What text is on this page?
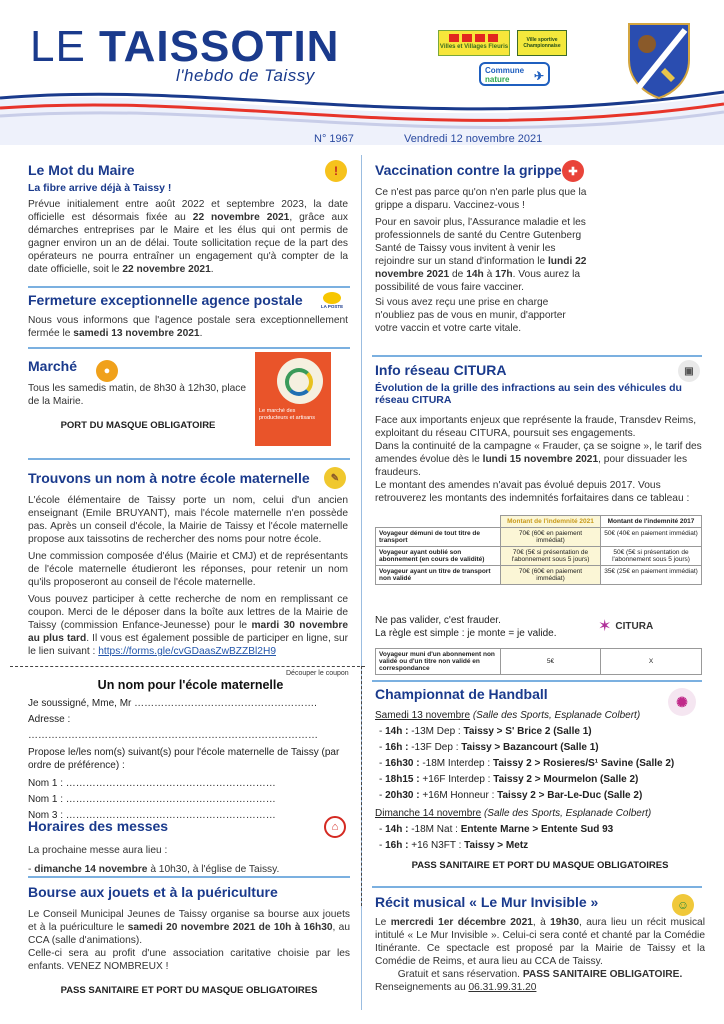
LE TAISSOTIN
l'hebdo de Taissy
Villes et Villages Fleuris
Ville sportive Championnaise
Commune
nature	✈
N° 1967	Vendredi 12 novembre 2021
Le Mot du Maire
La fibre arrive déjà à Taissy !

Prévue initialement entre août 2022 et septembre 2023, la date officielle est désormais fixée au 22 novembre 2021, grâce aux démarches entreprises par le Maire et les élus qui ont permis de gagner environ un an de délai. Toute sollicitation reçue de la part des opérateurs ne pourra entraîner un engagement qu'à compter de la date officielle, soit le 22 novembre 2021.

!
Fermeture exceptionnelle agence postale

Nous vous informons que l'agence postale sera exceptionnellement fermée le samedi 13 novembre 2021.

LA POSTE
Marché

Tous les samedis matin, de 8h30 à 12h30, place de la Mairie.

PORT DU MASQUE OBLIGATOIRE
●
Le marché des producteurs et artisans
Trouvons un nom à notre école maternelle

L'école élémentaire de Taissy porte un nom, celui d'un ancien enseignant (Emile BRUYANT), mais l'école maternelle n'en possède pas. Après un conseil d'école, la Mairie de Taissy et l'école maternelle propose aux taissotins de rechercher des noms pour notre école.

Une commission composée d'élus (Mairie et CMJ) et de représentants de l'école maternelle étudieront les réponses, pour retenir un nom qu'ils proposeront au conseil de l'école maternelle.

Vous pouvez participer à cette recherche de nom en remplissant ce coupon. Merci de le déposer dans la boîte aux lettres de la Mairie de Taissy (commission Enfance-Jeunesse) pour le mardi 30 novembre au plus tard. Il vous est également possible de participer en ligne, sur le lien suivant : https://forms.gle/cvGDaasZwBZZBl2H9

✎
Découper le coupon
Un nom pour l'école maternelle
Je soussigné, Mme, Mr ……………………………………………….
Adresse : ……………………………………………………………………………
Propose le/les nom(s) suivant(s) pour l'école maternelle de Taissy (par ordre de préférence) :
Nom 1 : ………………………………………………………
Nom 1 : ………………………………………………………
Nom 3 : ………………………………………………………
Horaires des messes

La prochaine messe aura lieu :

- dimanche 14 novembre à 10h30, à l'église de Taissy.

⌂
Bourse aux jouets et à la puériculture

Le Conseil Municipal Jeunes de Taissy organise sa bourse aux jouets et à la puériculture le samedi 20 novembre 2021 de 10h à 16h30, au CCA (salle d'animations).

Celle-ci sera au profit d'une association caritative choisie par les enfants. VENEZ NOMBREUX !

PASS SANITAIRE ET PORT DU MASQUE OBLIGATOIRES
Vaccination contre la grippe

Ce n'est pas parce qu'on n'en parle plus que la grippe a disparu. Vaccinez-vous !

Pour en savoir plus, l'Assurance maladie et les professionnels de santé du Centre Gutenberg Santé de Taissy vous invitent à venir les rejoindre sur un stand d'information le lundi 22 novembre 2021 de 14h à 17h. Vous aurez la possibilité de vous faire vacciner.

Si vous avez reçu une prise en charge n'oubliez pas de vous en munir, d'apporter votre vaccin et votre carte vitale.

✚
Info réseau CITURA
Évolution de la grille des infractions au sein des véhicules du réseau CITURA

Face aux importants enjeux que représente la fraude, Transdev Reims, exploitant du réseau CITURA, poursuit ses engagements.

Dans la continuité de la campagne « Frauder, ça se soigne », le tarif des amendes évolue dès le lundi 15 novembre 2021, pour dissuader les fraudeurs.

Le montant des amendes n'avait pas évolué depuis 2017. Vous retrouverez les montants des indemnités forfaitaires dans ce tableau :

▣
	Montant de l'indemnité 2021	Montant de l'indemnité 2017
Voyageur démuni de tout titre de transport	70€ (60€ en paiement immédiat)	50€ (40€ en paiement immédiat)
Voyageur ayant oublié son abonnement (en cours de validité)	70€ (5€ si présentation de l'abonnement sous 5 jours)	50€ (5€ si présentation de l'abonnement sous 5 jours)
Voyageur ayant un titre de transport non validé	70€ (60€ en paiement immédiat)	35€ (25€ en paiement immédiat)
Ne pas valider, c'est frauder.
La règle est simple : je monte = je valide.	✶ CITURA
Voyageur muni d'un abonnement non validé ou d'un titre non validé en correspondance	5€	X
Championnat de Handball
Samedi 13 novembre (Salle des Sports, Esplanade Colbert)
- 14h : -13M Dep : Taissy > S' Brice 2 (Salle 1)
- 16h : -13F Dep : Taissy > Bazancourt (Salle 1)
- 16h30 : -18M Interdep : Taissy 2 > Rosieres/S¹ Savine (Salle 2)
- 18h15 : +16F Interdep : Taissy 2 > Mourmelon (Salle 2)
- 20h30 : +16M Honneur : Taissy 2 > Bar-Le-Duc (Salle 2)
Dimanche 14 novembre (Salle des Sports, Esplanade Colbert)
- 14h : -18M Nat : Entente Marne > Entente Sud 93
- 16h : +16 N3FT : Taissy > Metz
PASS SANITAIRE ET PORT DU MASQUE OBLIGATOIRES
✺
Récit musical « Le Mur Invisible »

Le mercredi 1er décembre 2021, à 19h30, aura lieu un récit musical intitulé « Le Mur Invisible ». Celui-ci sera conté et chanté par la Comédie Itinérante. Ce spectacle est proposé par la Mairie de Taissy et la Comédie de Reims, et aura lieu au CCA de Taissy.

Gratuit et sans réservation. PASS SANITAIRE OBLIGATOIRE.

Renseignements au 06.31.99.31.20

☺
